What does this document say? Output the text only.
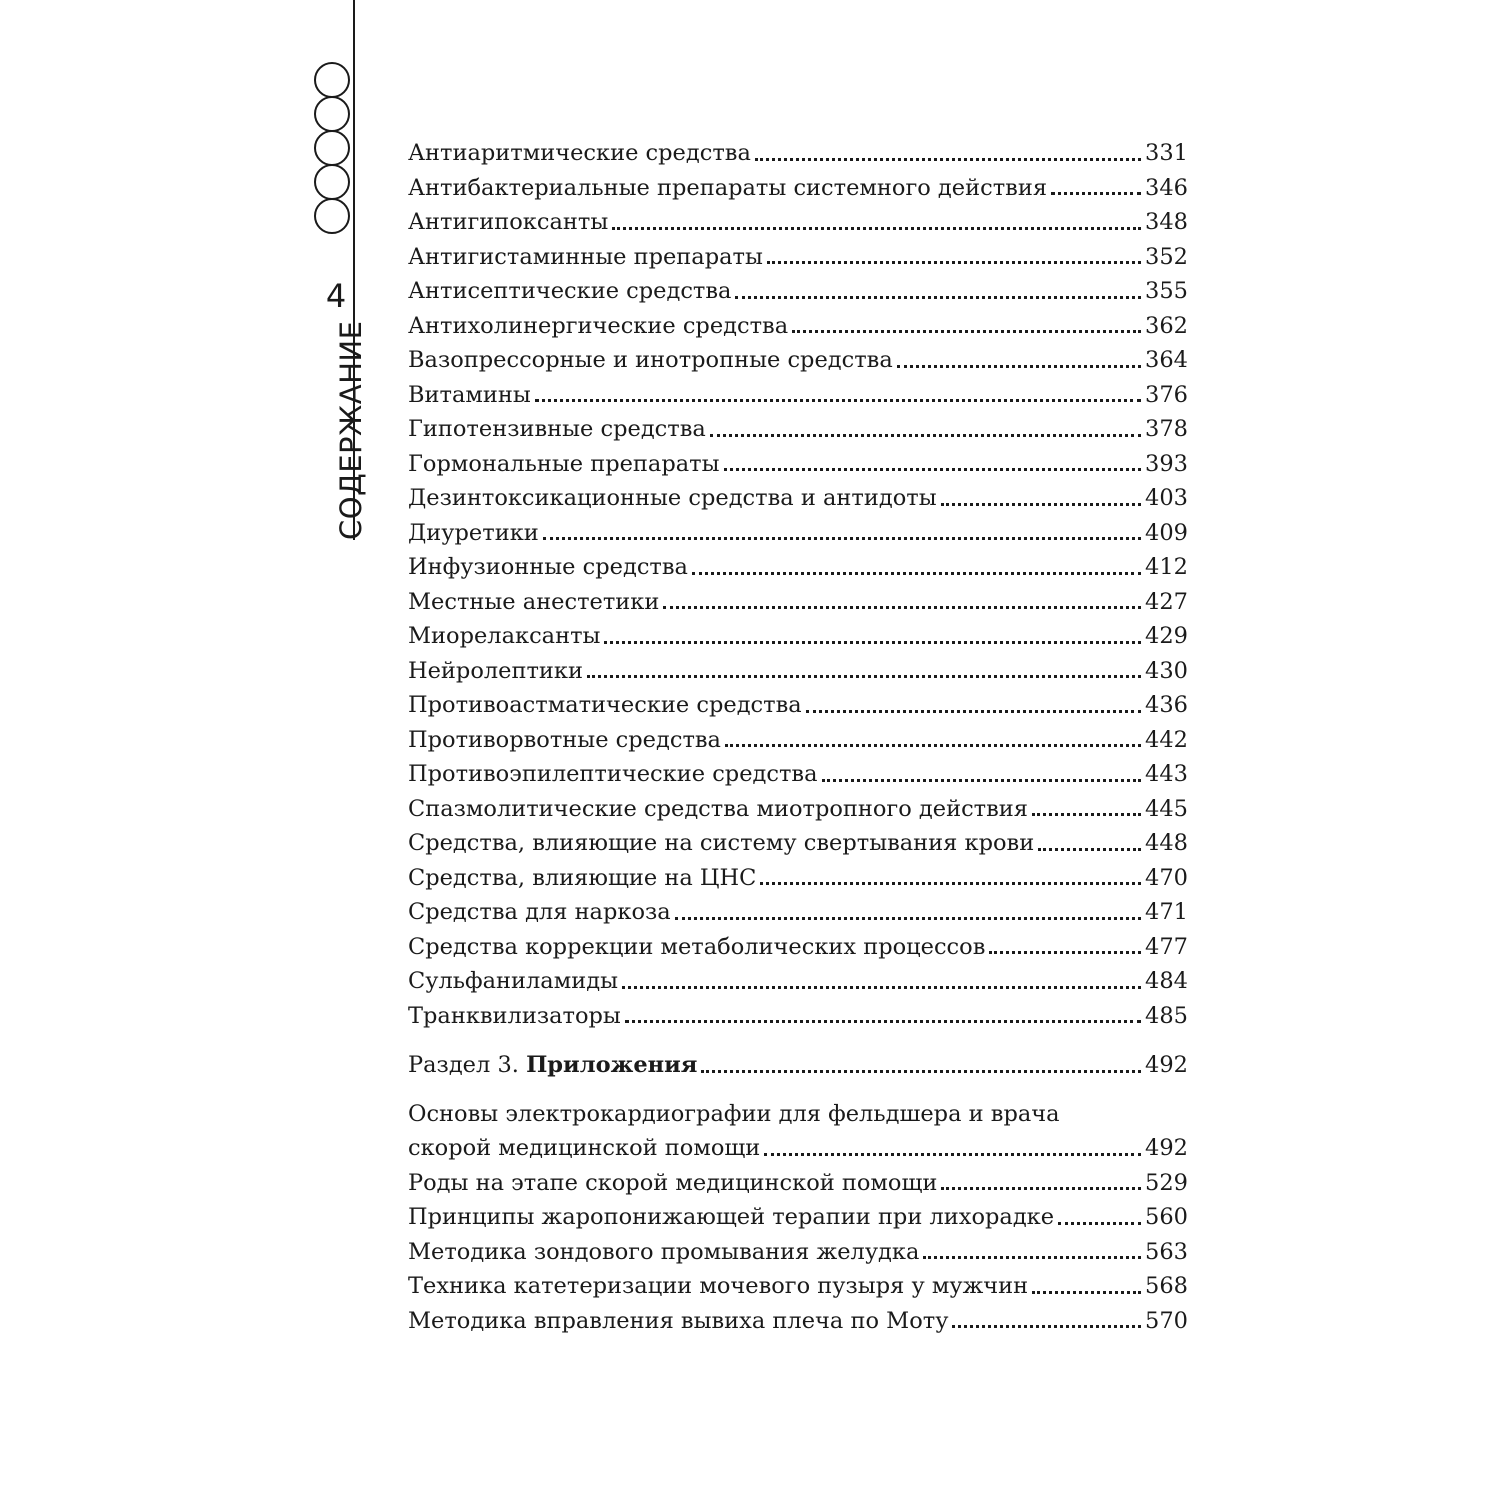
4
СОДЕРЖАНИЕ
Антиаритмические средства	331
Антибактериальные препараты системного действия	346
Антигипоксанты	348
Антигистаминные препараты	352
Антисептические средства	355
Антихолинергические средства	362
Вазопрессорные и инотропные средства	364
Витамины	376
Гипотензивные средства	378
Гормональные препараты	393
Дезинтоксикационные средства и антидоты	403
Диуретики	409
Инфузионные средства	412
Местные анестетики	427
Миорелаксанты	429
Нейролептики	430
Противоастматические средства	436
Противорвотные средства	442
Противоэпилептические средства	443
Спазмолитические средства миотропного действия	445
Средства, влияющие на систему свертывания крови	448
Средства, влияющие на ЦНС	470
Средства для наркоза	471
Средства коррекции метаболических процессов	477
Сульфаниламиды	484
Транквилизаторы	485
Раздел 3. Приложения	492
Основы электрокардиографии для фельдшера и врача
скорой медицинской помощи	492
Роды на этапе скорой медицинской помощи	529
Принципы жаропонижающей терапии при лихорадке	560
Методика зондового промывания желудка	563
Техника катетеризации мочевого пузыря у мужчин	568
Методика вправления вывиха плеча по Моту	570
